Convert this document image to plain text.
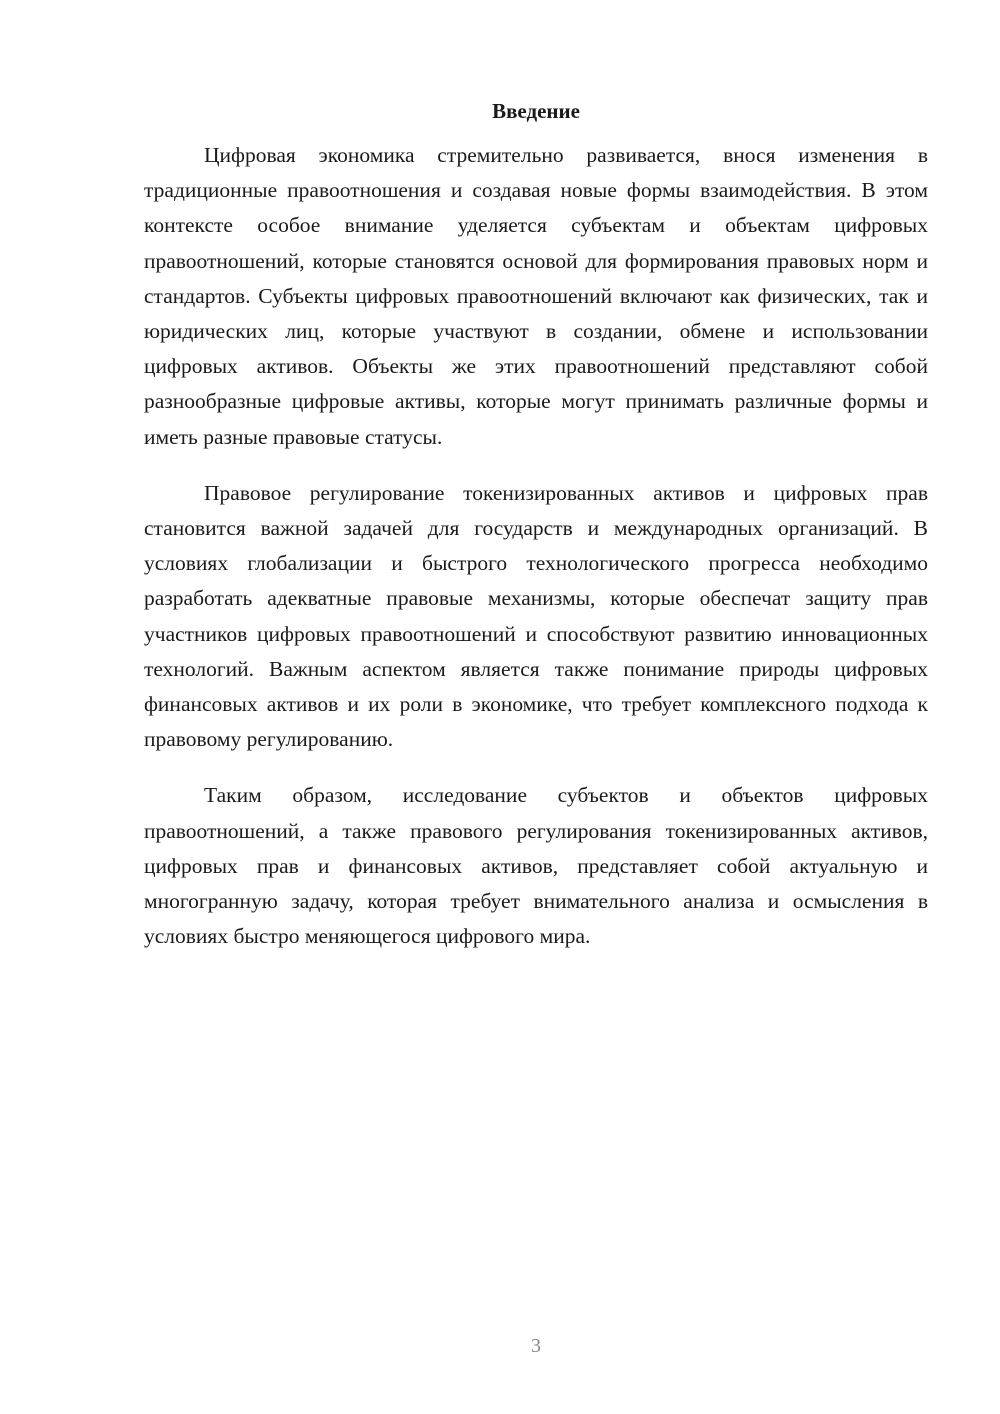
Введение

Цифровая экономика стремительно развивается, внося изменения в традиционные правоотношения и создавая новые формы взаимодействия. В этом контексте особое внимание уделяется субъектам и объектам цифровых правоотношений, которые становятся основой для формирования правовых норм и стандартов. Субъекты цифровых правоотношений включают как физических, так и юридических лиц, которые участвуют в создании, обмене и использовании цифровых активов. Объекты же этих правоотношений представляют собой разнообразные цифровые активы, которые могут принимать различные формы и иметь разные правовые статусы.

Правовое регулирование токенизированных активов и цифровых прав становится важной задачей для государств и международных организаций. В условиях глобализации и быстрого технологического прогресса необходимо разработать адекватные правовые механизмы, которые обеспечат защиту прав участников цифровых правоотношений и способствуют развитию инновационных технологий. Важным аспектом является также понимание природы цифровых финансовых активов и их роли в экономике, что требует комплексного подхода к правовому регулированию.

Таким образом, исследование субъектов и объектов цифровых правоотношений, а также правового регулирования токенизированных активов, цифровых прав и финансовых активов, представляет собой актуальную и многогранную задачу, которая требует внимательного анализа и осмысления в условиях быстро меняющегося цифрового мира.

3
